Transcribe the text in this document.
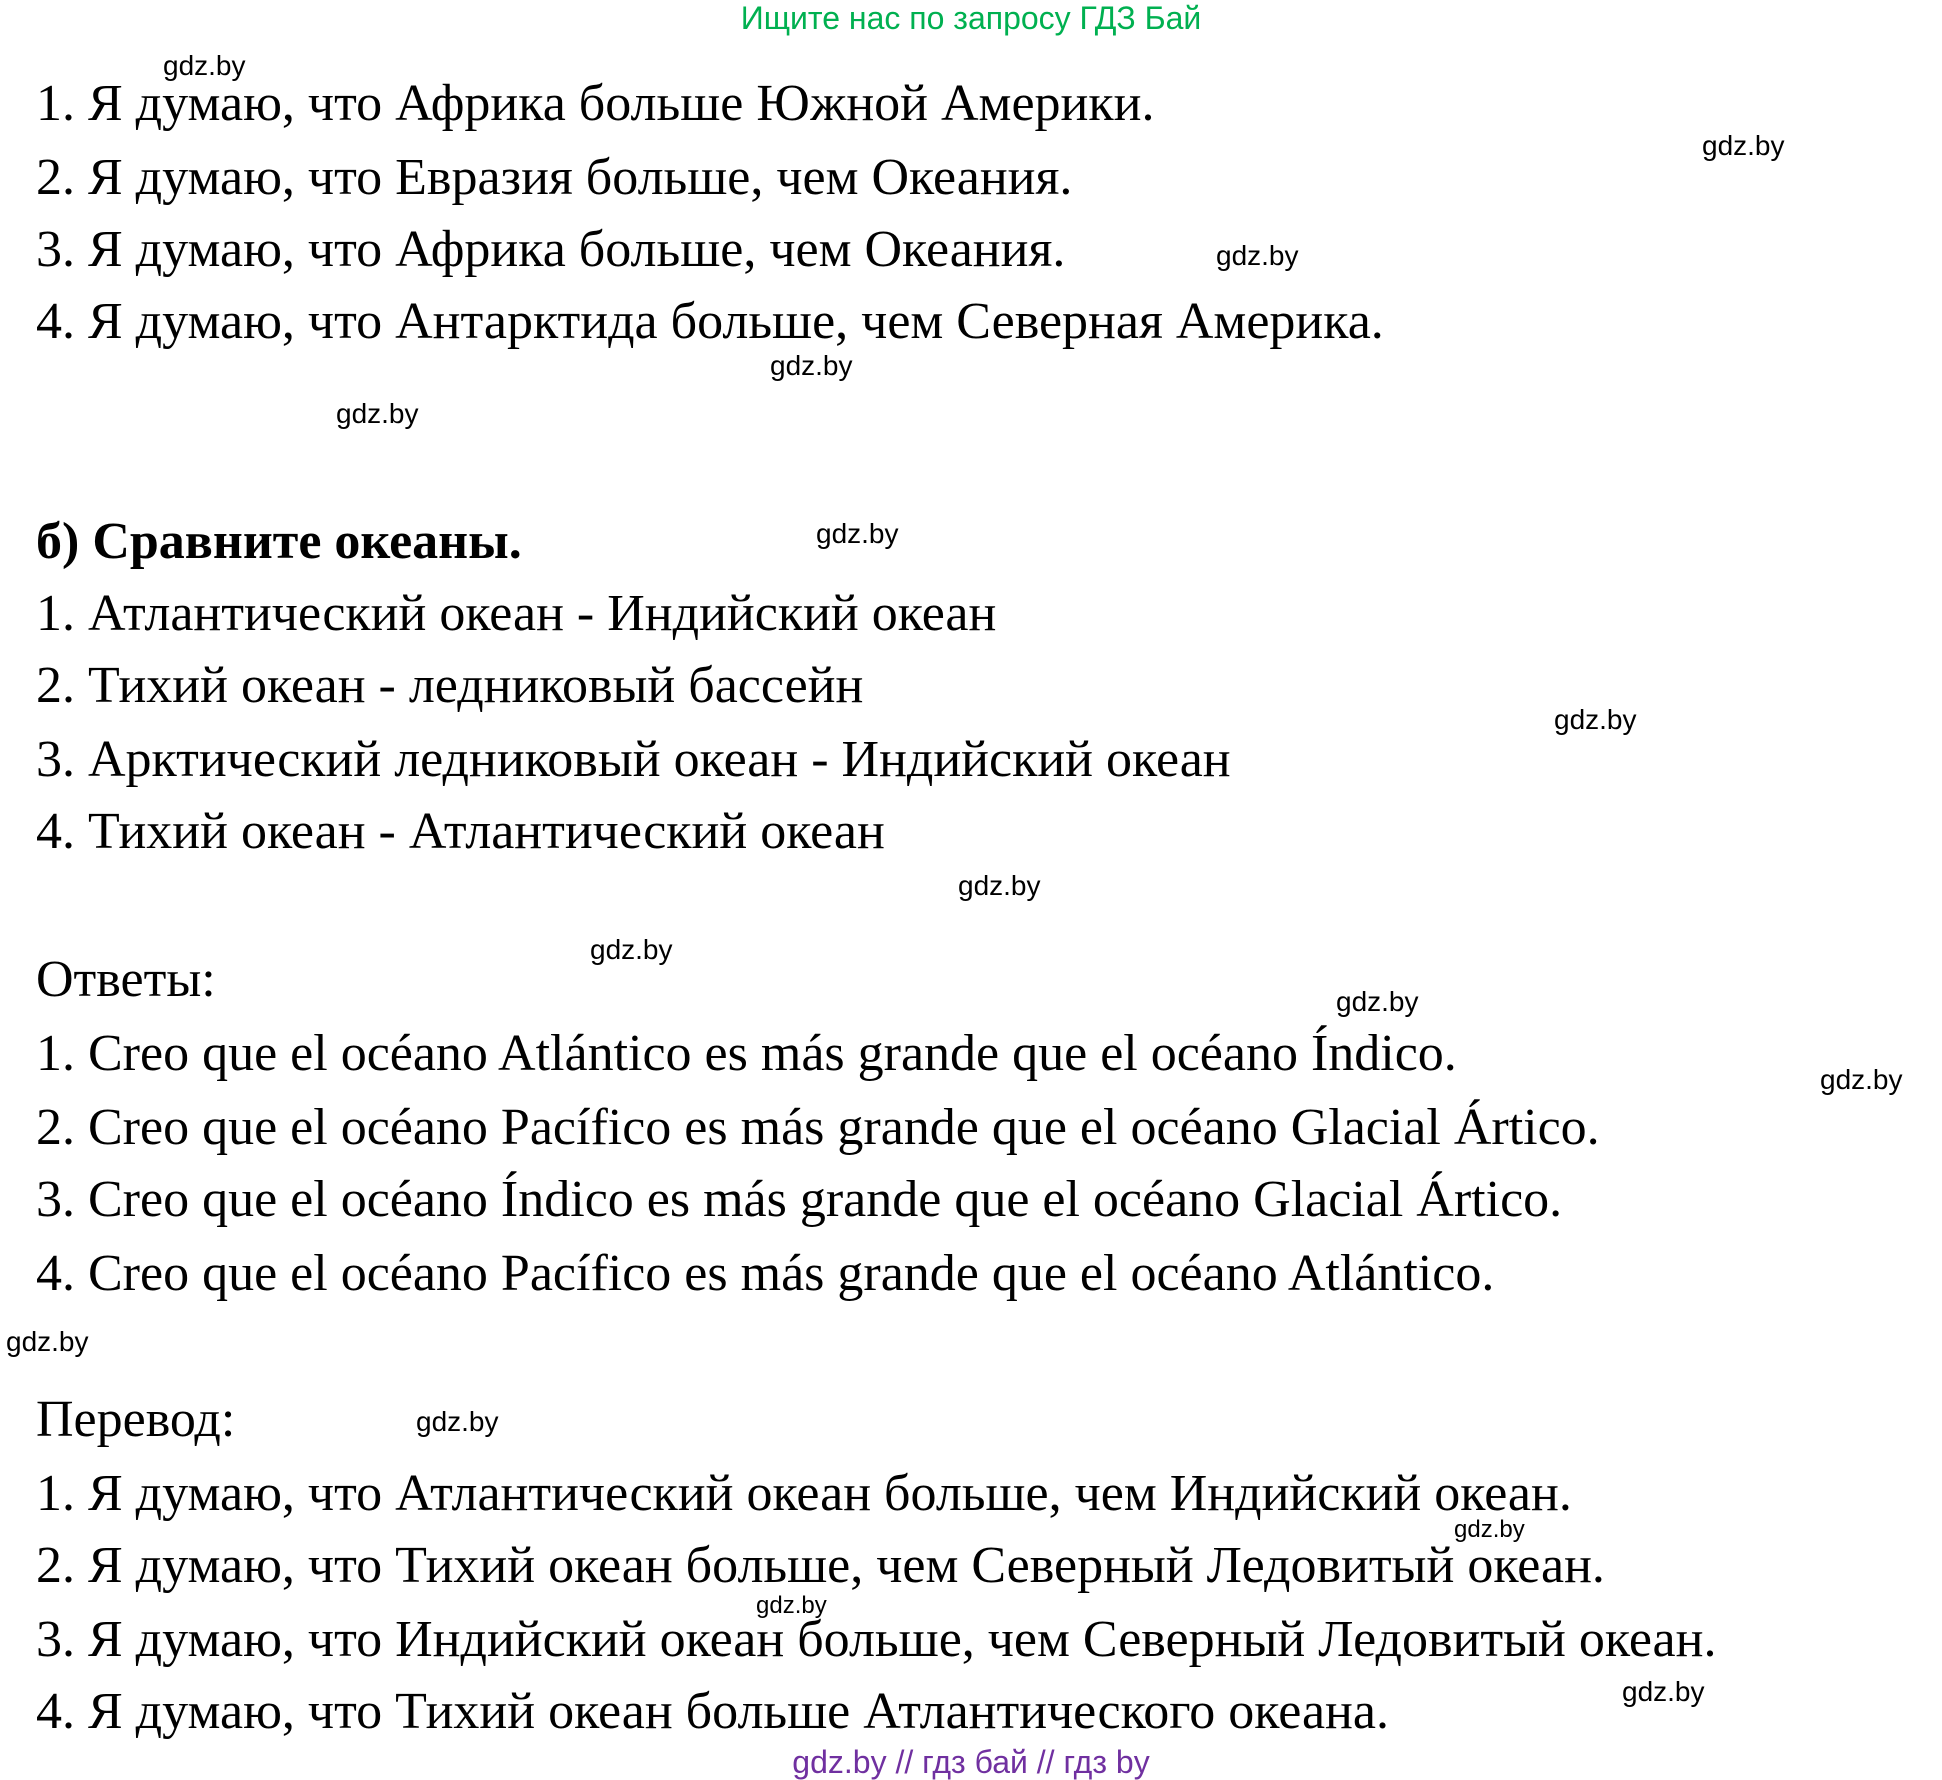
Ищите нас по запросу ГДЗ Бай
1. Я думаю, что Африка больше Южной Америки.
2. Я думаю, что Евразия больше, чем Океания.
3. Я думаю, что Африка больше, чем Океания.
4. Я думаю, что Антарктида больше, чем Северная Америка.
б) Сравните океаны.
1. Атлантический океан - Индийский океан
2. Тихий океан - ледниковый бассейн
3. Арктический ледниковый океан - Индийский океан
4. Тихий океан - Атлантический океан
Ответы:
1. Creo que el océano Atlántico es más grande que el océano Índico.
2. Creo que el océano Pacífico es más grande que el océano Glacial Ártico.
3. Creo que el océano Índico es más grande que el océano Glacial Ártico.
4. Creo que el océano Pacífico es más grande que el océano Atlántico.
Перевод:
1. Я думаю, что Атлантический океан больше, чем Индийский океан.
2. Я думаю, что Тихий океан больше, чем Северный Ледовитый океан.
3. Я думаю, что Индийский океан больше, чем Северный Ледовитый океан.
4. Я думаю, что Тихий океан больше Атлантического океана.
gdz.by
gdz.by
gdz.by
gdz.by
gdz.by
gdz.by
gdz.by
gdz.by
gdz.by
gdz.by
gdz.by
gdz.by
gdz.by
gdz.by
gdz.by
gdz.by
gdz.by // гдз бай // гдз by
